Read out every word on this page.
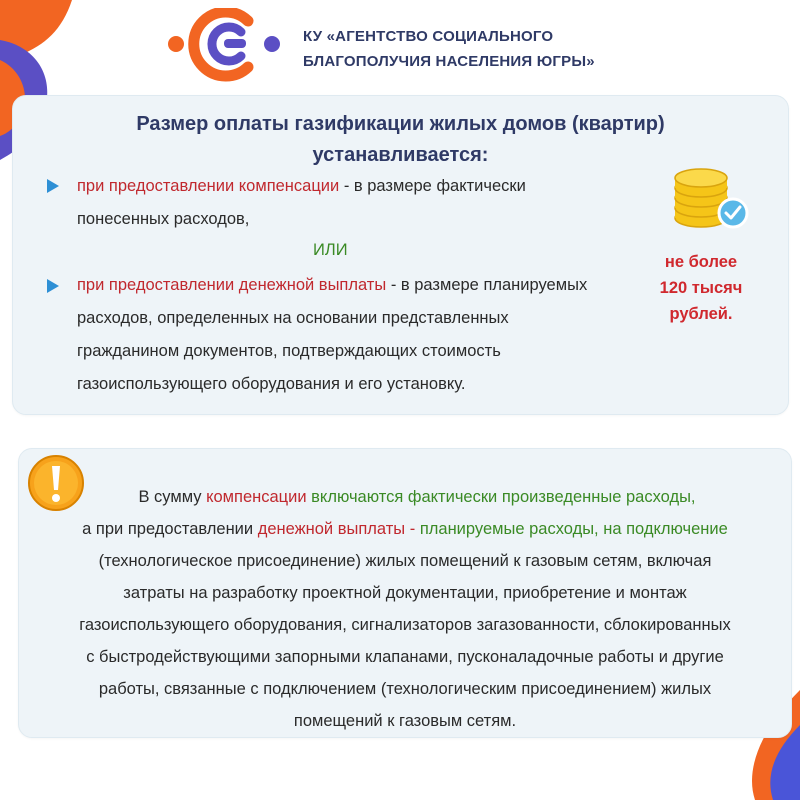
КУ «АГЕНТСТВО СОЦИАЛЬНОГО
БЛАГОПОЛУЧИЯ НАСЕЛЕНИЯ ЮГРЫ»
Размер оплаты газификации жилых домов (квартир)
устанавливается:
при предоставлении компенсации - в размере фактически
понесенных расходов,
ИЛИ
при предоставлении денежной выплаты - в размере планируемых
расходов, определенных на основании представленных
гражданином документов, подтверждающих стоимость
газоиспользующего оборудования и его установку.
не более
120 тысяч
рублей.
В сумму компенсации включаются фактически произведенные расходы,
а при предоставлении денежной выплаты - планируемые расходы, на подключение
(технологическое присоединение) жилых помещений к газовым сетям, включая
затраты на разработку проектной документации, приобретение и монтаж
газоиспользующего оборудования, сигнализаторов загазованности, сблокированных
с быстродействующими запорными клапанами, пусконаладочные работы и другие
работы, связанные с подключением (технологическим присоединением) жилых
помещений к газовым сетям.
